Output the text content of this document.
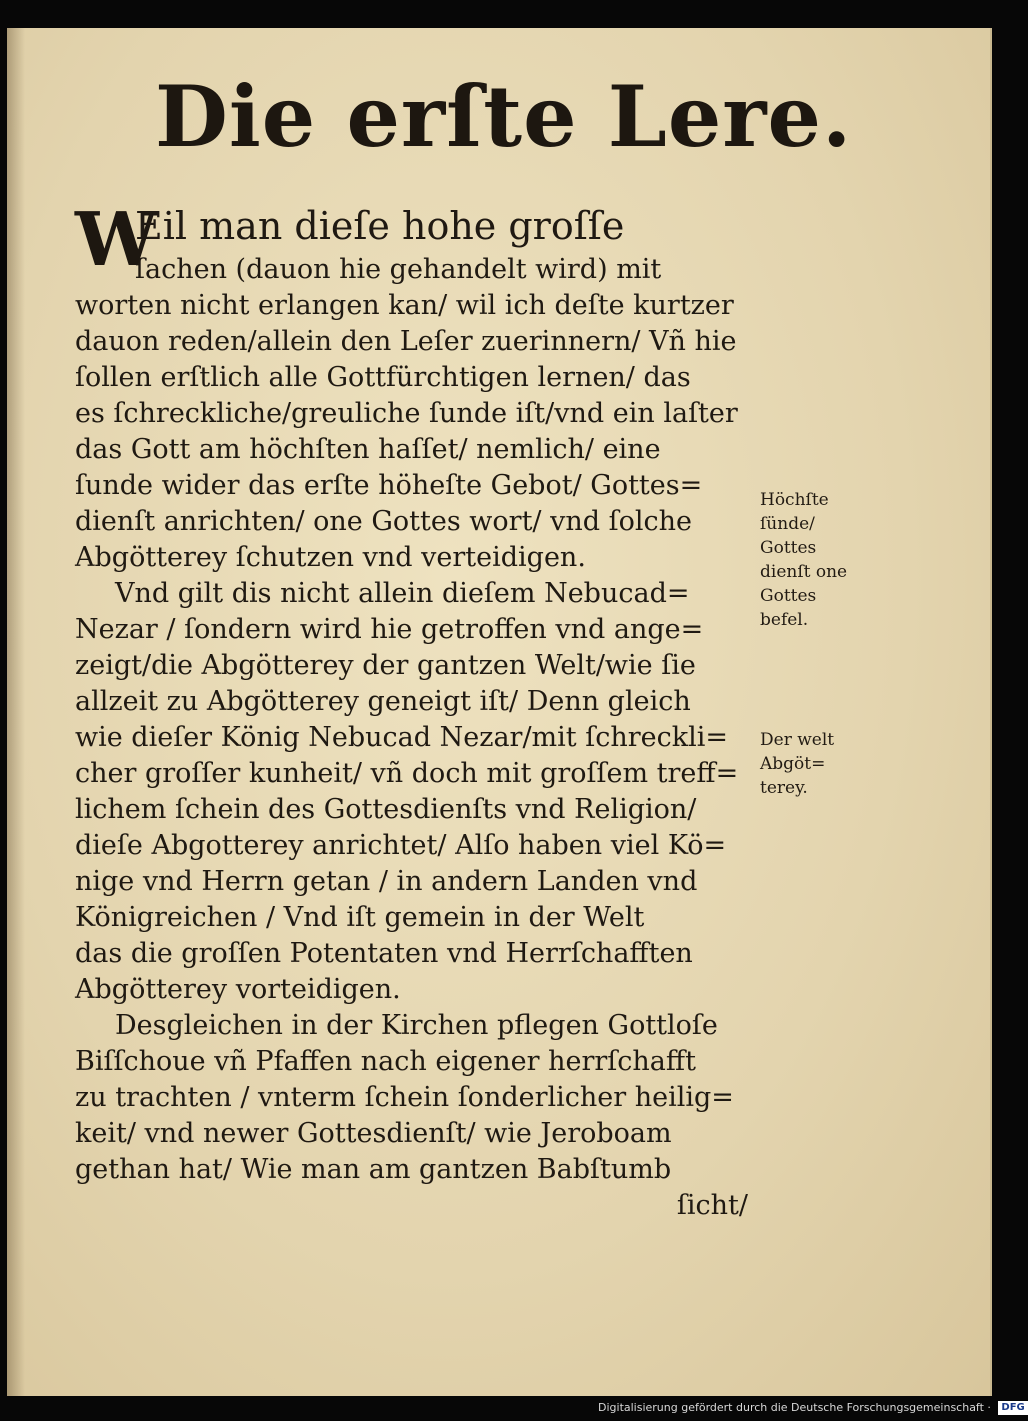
Die erſte Lere.
W
Eil man dieſe hohe groſſe
ſachen (dauon hie gehandelt wird) mit
worten nicht erlangen kan/ wil ich deſte kurtzer
dauon reden/allein den Leſer zuerinnern/ Vñ hie
ſollen erſtlich alle Gottfürchtigen lernen/ das
es ſchreckliche/greuliche ſunde iſt/vnd ein laſter
das Gott am höchſten haſſet/ nemlich/ eine
ſunde wider das erſte höheſte Gebot/ Gottes=
dienſt anrichten/ one Gottes wort/ vnd ſolche
Abgötterey ſchutzen vnd verteidigen.
Vnd gilt dis nicht allein dieſem Nebucad=
Nezar / ſondern wird hie getroffen vnd ange=
zeigt/die Abgötterey der gantzen Welt/wie ſie
allzeit zu Abgötterey geneigt iſt/ Denn gleich
wie dieſer König Nebucad Nezar/mit ſchreckli=
cher groſſer kunheit/ vñ doch mit groſſem treff=
lichem ſchein des Gottesdienſts vnd Religion/
dieſe Abgotterey anrichtet/ Alſo haben viel Kö=
nige vnd Herrn getan / in andern Landen vnd
Königreichen / Vnd iſt gemein in der Welt
das die groſſen Potentaten vnd Herrſchafften
Abgötterey vorteidigen.
Desgleichen in der Kirchen pflegen Gottloſe
Biſſchoue vñ Pfaffen nach eigener herrſchafft
zu trachten / vnterm ſchein ſonderlicher heilig=
keit/ vnd newer Gottesdienſt/ wie Jeroboam
gethan hat/ Wie man am gantzen Babſtumb
ſicht/
Höchſte
ſünde/
Gottes
dienſt one
Gottes
befel.
Der welt
Abgöt=
terey.
Digitalisierung gefördert durch die Deutsche Forschungsgemeinschaft · DFG
